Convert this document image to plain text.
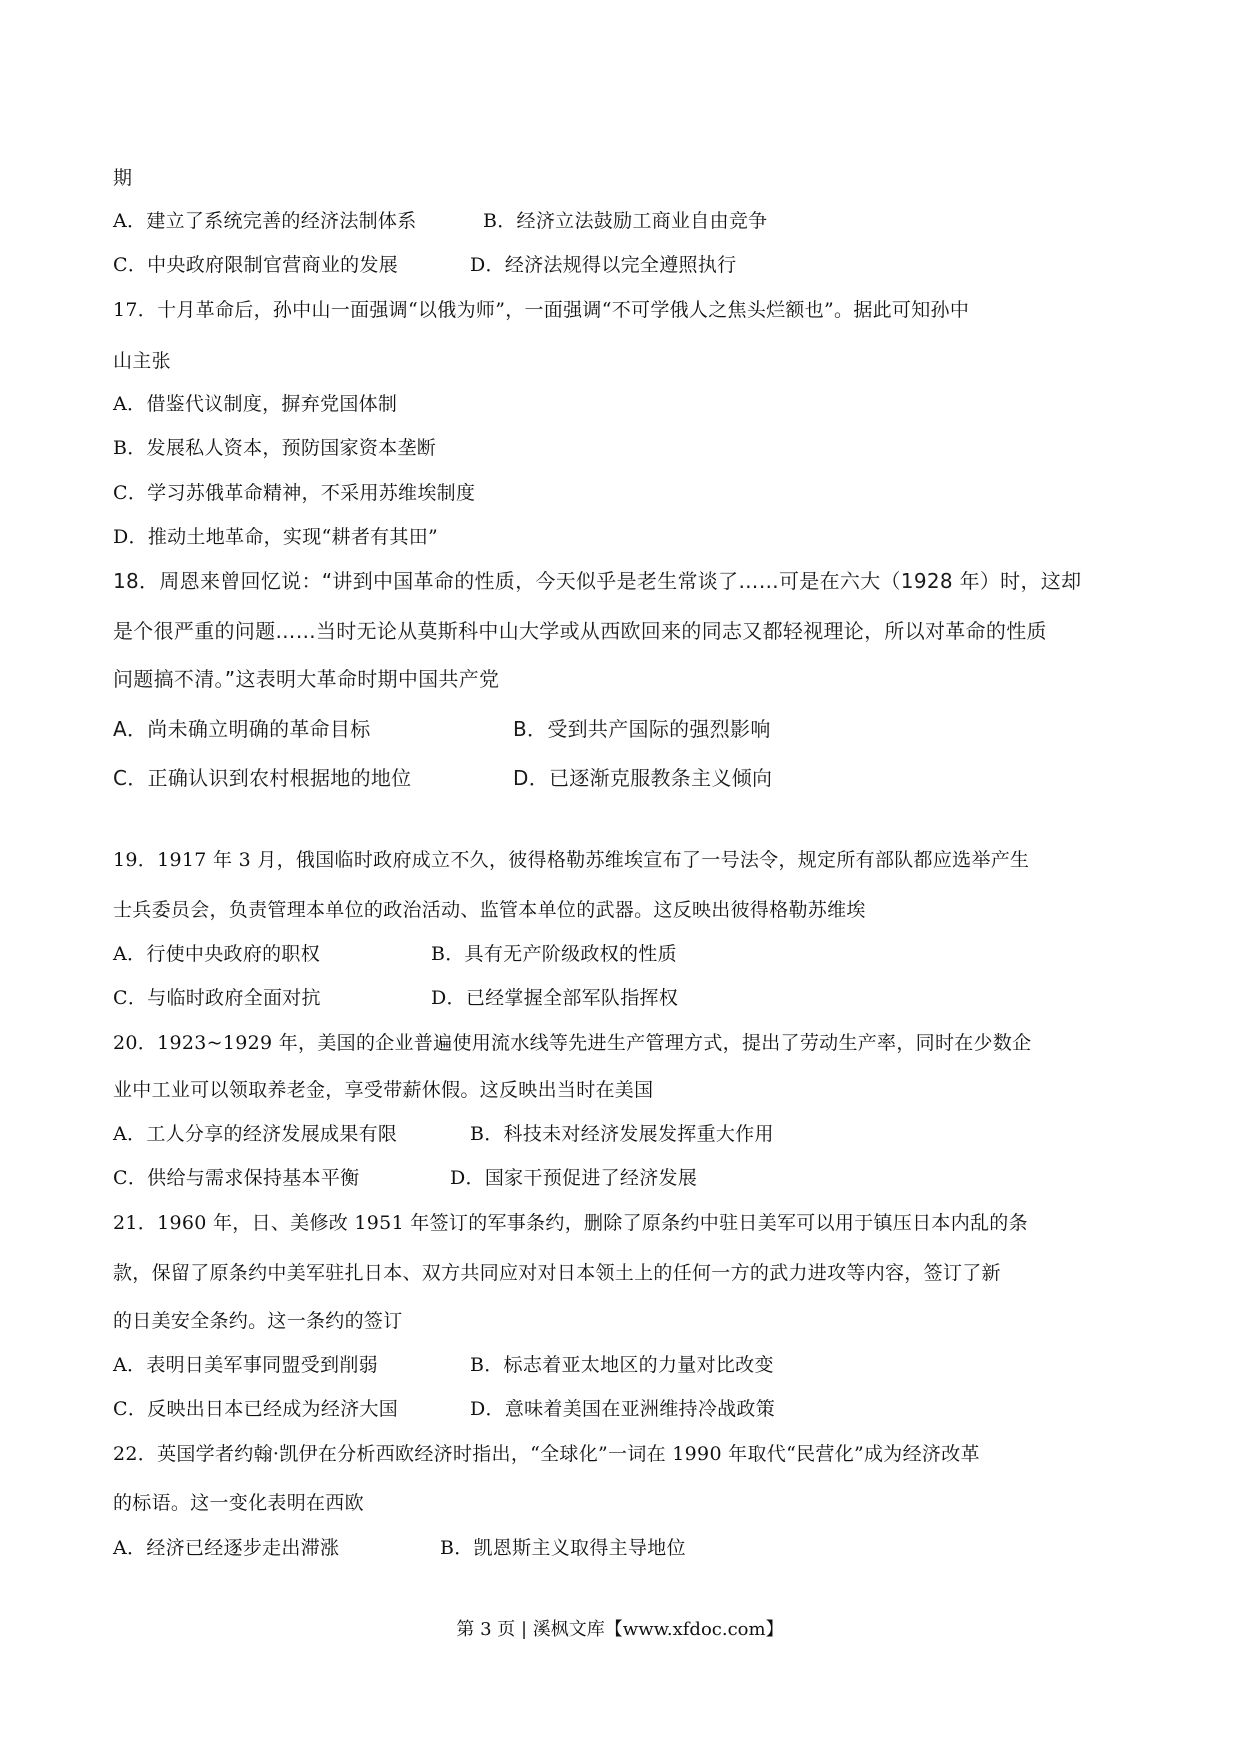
期
A．建立了系统完善的经济法制体系	B．经济立法鼓励工商业自由竞争
C．中央政府限制官营商业的发展	D．经济法规得以完全遵照执行
17．十月革命后，孙中山一面强调“以俄为师”，一面强调“不可学俄人之焦头烂额也”。据此可知孙中
山主张
A．借鉴代议制度，摒弃党国体制
B．发展私人资本，预防国家资本垄断
C．学习苏俄革命精神，不采用苏维埃制度
D．推动土地革命，实现“耕者有其田”
18．周恩来曾回忆说：“讲到中国革命的性质，今天似乎是老生常谈了……可是在六大（1928 年）时，这却
是个很严重的问题……当时无论从莫斯科中山大学或从西欧回来的同志又都轻视理论，所以对革命的性质
问题搞不清。”这表明大革命时期中国共产党
A．尚未确立明确的革命目标	B．受到共产国际的强烈影响
C．正确认识到农村根据地的地位	D．已逐渐克服教条主义倾向
19．1917 年 3 月，俄国临时政府成立不久，彼得格勒苏维埃宣布了一号法令，规定所有部队都应选举产生
士兵委员会，负责管理本单位的政治活动、监管本单位的武器。这反映出彼得格勒苏维埃
A．行使中央政府的职权	B．具有无产阶级政权的性质
C．与临时政府全面对抗	D．已经掌握全部军队指挥权
20．1923~1929 年，美国的企业普遍使用流水线等先进生产管理方式，提出了劳动生产率，同时在少数企
业中工业可以领取养老金，享受带薪休假。这反映出当时在美国
A．工人分享的经济发展成果有限	B．科技未对经济发展发挥重大作用
C．供给与需求保持基本平衡	D．国家干预促进了经济发展
21．1960 年，日、美修改 1951 年签订的军事条约，删除了原条约中驻日美军可以用于镇压日本内乱的条
款，保留了原条约中美军驻扎日本、双方共同应对对日本领土上的任何一方的武力进攻等内容，签订了新
的日美安全条约。这一条约的签订
A．表明日美军事同盟受到削弱	B．标志着亚太地区的力量对比改变
C．反映出日本已经成为经济大国	D．意味着美国在亚洲维持冷战政策
22．英国学者约翰·凯伊在分析西欧经济时指出，“全球化”一词在 1990 年取代“民营化”成为经济改革
的标语。这一变化表明在西欧
A．经济已经逐步走出滞涨	B．凯恩斯主义取得主导地位
第 3 页 | 溪枫文库【www.xfdoc.com】
